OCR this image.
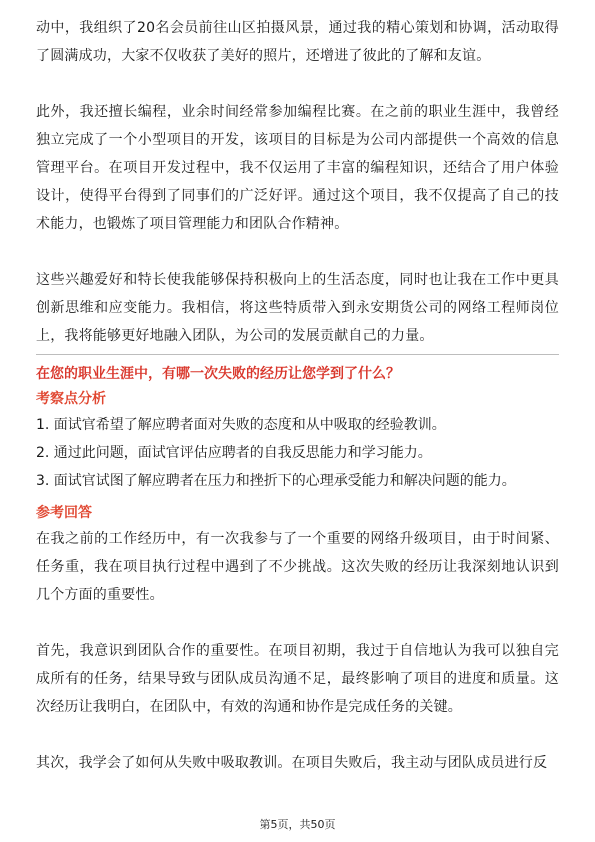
动中，我组织了20名会员前往山区拍摄风景，通过我的精心策划和协调，活动取得了圆满成功，大家不仅收获了美好的照片，还增进了彼此的了解和友谊。

此外，我还擅长编程，业余时间经常参加编程比赛。在之前的职业生涯中，我曾经独立完成了一个小型项目的开发，该项目的目标是为公司内部提供一个高效的信息管理平台。在项目开发过程中，我不仅运用了丰富的编程知识，还结合了用户体验设计，使得平台得到了同事们的广泛好评。通过这个项目，我不仅提高了自己的技术能力，也锻炼了项目管理能力和团队合作精神。

这些兴趣爱好和特长使我能够保持积极向上的生活态度，同时也让我在工作中更具创新思维和应变能力。我相信，将这些特质带入到永安期货公司的网络工程师岗位上，我将能够更好地融入团队，为公司的发展贡献自己的力量。

在您的职业生涯中，有哪一次失败的经历让您学到了什么？

考察点分析

1. 面试官希望了解应聘者面对失败的态度和从中吸取的经验教训。

2. 通过此问题，面试官评估应聘者的自我反思能力和学习能力。

3. 面试官试图了解应聘者在压力和挫折下的心理承受能力和解决问题的能力。

参考回答

在我之前的工作经历中，有一次我参与了一个重要的网络升级项目，由于时间紧、任务重，我在项目执行过程中遇到了不少挑战。这次失败的经历让我深刻地认识到几个方面的重要性。

首先，我意识到团队合作的重要性。在项目初期，我过于自信地认为我可以独自完成所有的任务，结果导致与团队成员沟通不足，最终影响了项目的进度和质量。这次经历让我明白，在团队中，有效的沟通和协作是完成任务的关键。

其次，我学会了如何从失败中吸取教训。在项目失败后，我主动与团队成员进行反

第5页，共50页
